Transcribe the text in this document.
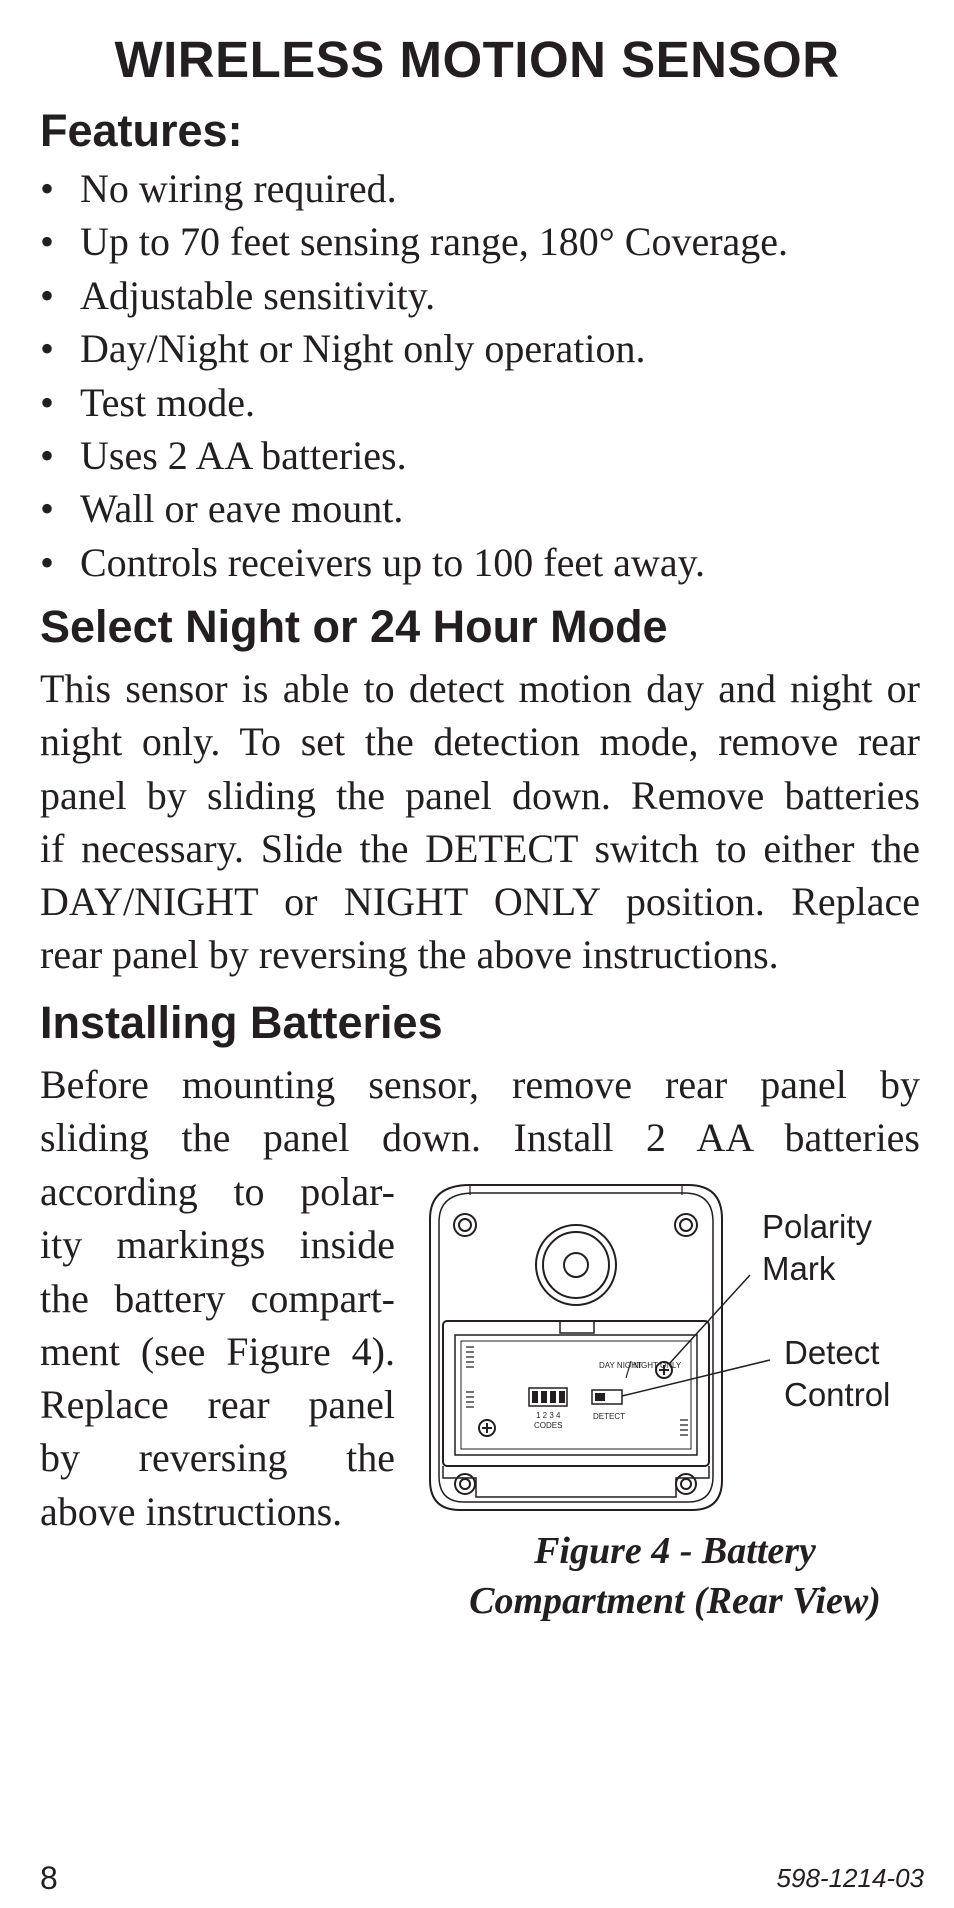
WIRELESS MOTION SENSOR
Features:
• No wiring required.
• Up to 70 feet sensing range, 180° Coverage.
• Adjustable sensitivity.
• Day/Night or Night only operation.
• Test mode.
• Uses 2 AA batteries.
• Wall or eave mount.
• Controls receivers up to 100 feet away.
Select Night or 24 Hour Mode

This sensor is able to detect motion day and night or
night only. To set the detection mode, remove rear
panel by sliding the panel down. Remove batteries
if necessary. Slide the DETECT switch to either the
DAY/NIGHT or NIGHT ONLY position. Replace
rear panel by reversing the above instructions.

Installing Batteries

Before mounting sensor, remove rear panel by
sliding the panel down. Install 2 AA batteries

according to polar-
ity markings inside
the battery compart-
ment (see Figure 4).
Replace rear panel
by reversing the
above instructions.

DAY NIGHT
NIGHT ONLY
1 2 3 4
CODES
DETECT
Polarity
Mark
Detect
Control
Figure 4 - Battery
Compartment (Rear View)
8	598-1214-03
